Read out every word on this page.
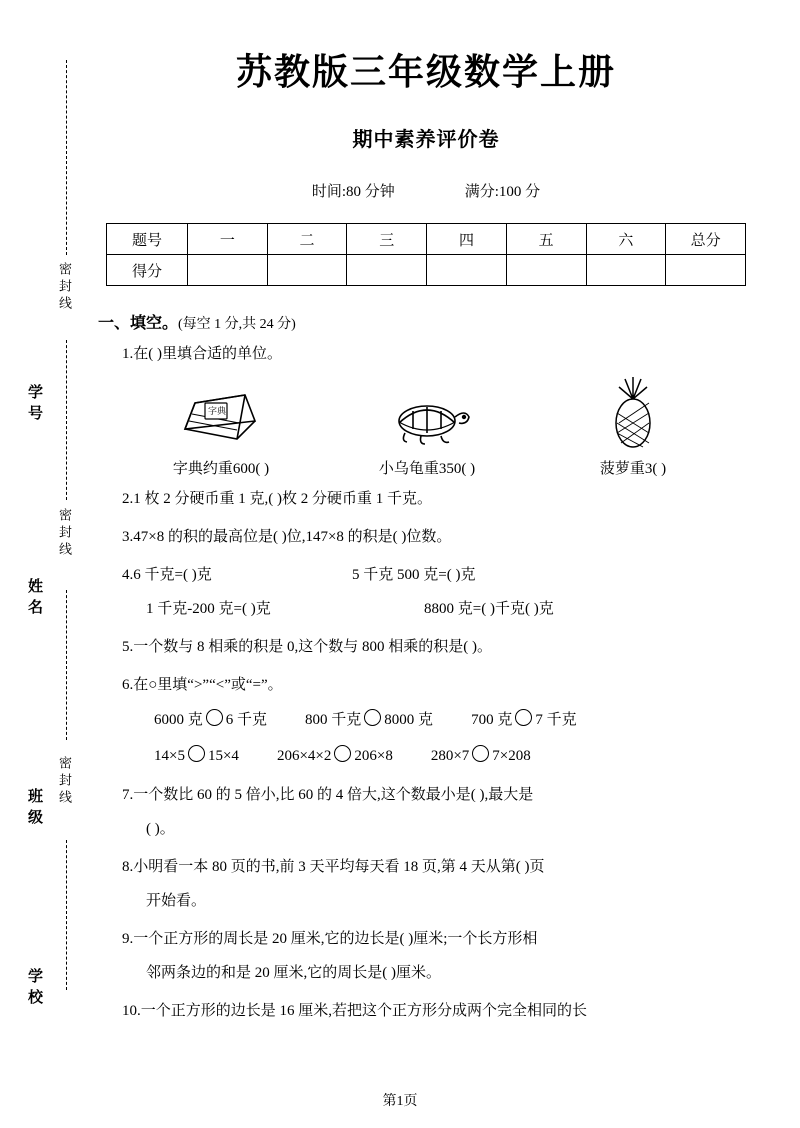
密封线
密封线
密封线
学号
姓名
班级
学校
苏教版三年级数学上册
期中素养评价卷
时间:80 分钟	满分:100 分
题号	一	二	三	四	五	六	总分
得分							
一、填空。(每空 1 分,共 24 分)
1.在( )里填合适的单位。
字典
字典约重600( )	小乌龟重350( )	菠萝重3( )
2.1 枚 2 分硬币重 1 克,( )枚 2 分硬币重 1 千克。
3.47×8 的积的最高位是( )位,147×8 的积是( )位数。
4.6 千克=( )克	5 千克 500 克=( )克
1 千克-200 克=( )克	8800 克=( )千克( )克
5.一个数与 8 相乘的积是 0,这个数与 800 相乘的积是( )。
6.在○里填“>”“<”或“=”。
6000 克 6 千克	800 千克 8000 克	700 克 7 千克
14×5 15×4	206×4×2 206×8	280×7 7×208
7.一个数比 60 的 5 倍小,比 60 的 4 倍大,这个数最小是( ),最大是
( )。
8.小明看一本 80 页的书,前 3 天平均每天看 18 页,第 4 天从第( )页
开始看。
9.一个正方形的周长是 20 厘米,它的边长是( )厘米;一个长方形相
邻两条边的和是 20 厘米,它的周长是( )厘米。
10.一个正方形的边长是 16 厘米,若把这个正方形分成两个完全相同的长
第1页
